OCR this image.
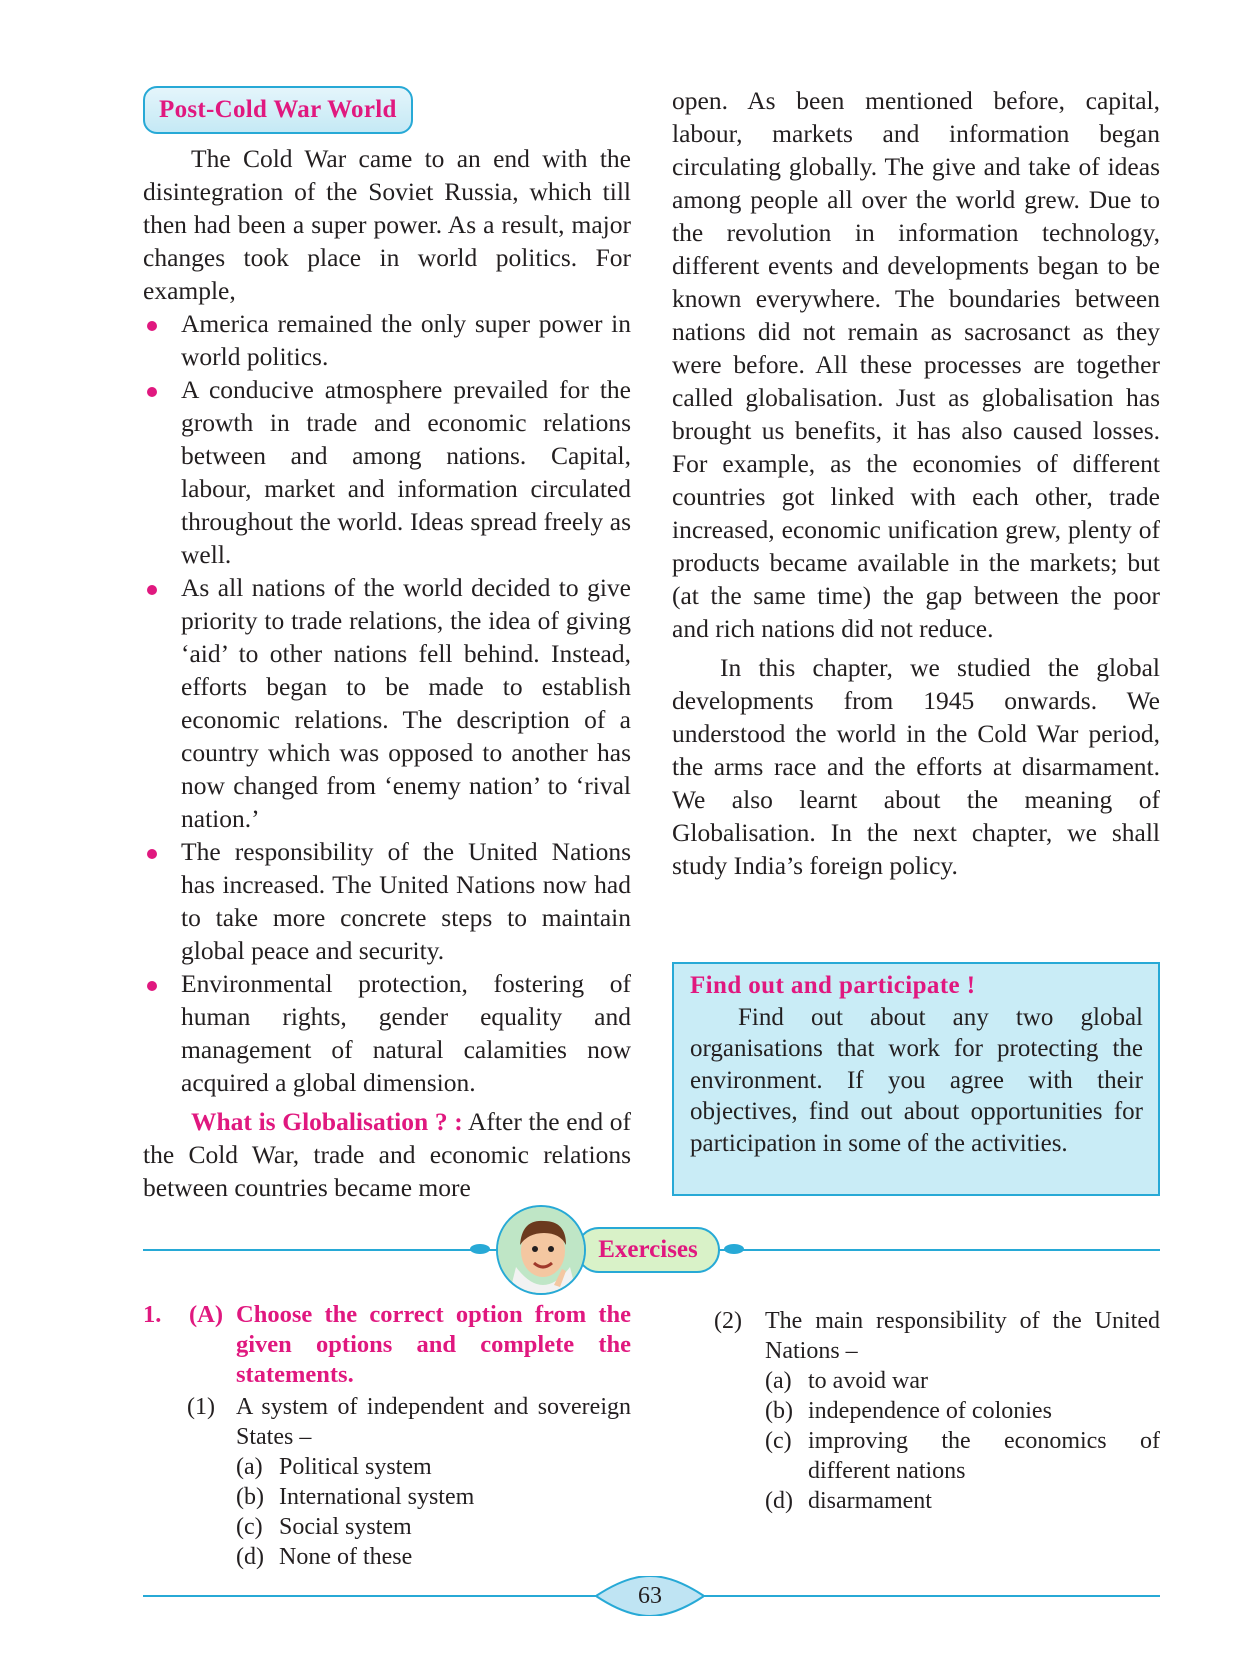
Post-Cold War World

The Cold War came to an end with the disintegration of the Soviet Russia, which till then had been a super power. As a result, major changes took place in world politics. For example,

America remained the only super power in world politics.
A conducive atmosphere prevailed for the growth in trade and economic relations between and among nations. Capital, labour, market and information circulated throughout the world. Ideas spread freely as well.
As all nations of the world decided to give priority to trade relations, the idea of giving ‘aid’ to other nations fell behind. Instead, efforts began to be made to establish economic relations. The description of a country which was opposed to another has now changed from ‘enemy nation’ to ‘rival nation.’
The responsibility of the United Nations has increased. The United Nations now had to take more concrete steps to maintain global peace and security.
Environmental protection, fostering of human rights, gender equality and management of natural calamities now acquired a global dimension.

What is Globalisation ? : After the end of the Cold War, trade and economic relations between countries became more

open. As been mentioned before, capital, labour, markets and information began circulating globally. The give and take of ideas among people all over the world grew. Due to the revolution in information technology, different events and developments began to be known everywhere. The boundaries between nations did not remain as sacrosanct as they were before. All these processes are together called globalisation. Just as globalisation has brought us benefits, it has also caused losses. For example, as the economies of different countries got linked with each other, trade increased, economic unification grew, plenty of products became available in the markets; but (at the same time) the gap between the poor and rich nations did not reduce.

In this chapter, we studied the global developments from 1945 onwards. We understood the world in the Cold War period, the arms race and the efforts at disarmament. We also learnt about the meaning of Globalisation. In the next chapter, we shall study India’s foreign policy.

Find out and participate !

Find out about any two global organisations that work for protecting the environment. If you agree with their objectives, find out about opportunities for participation in some of the activities.

Exercises
1. (A) Choose the correct option from the given options and complete the statements.
(1) A system of independent and sovereign States –
(a) Political system
(b) International system
(c) Social system
(d) None of these
(2) The main responsibility of the United Nations –
(a) to avoid war
(b) independence of colonies
(c) improving the economics of different nations
(d) disarmament
63
